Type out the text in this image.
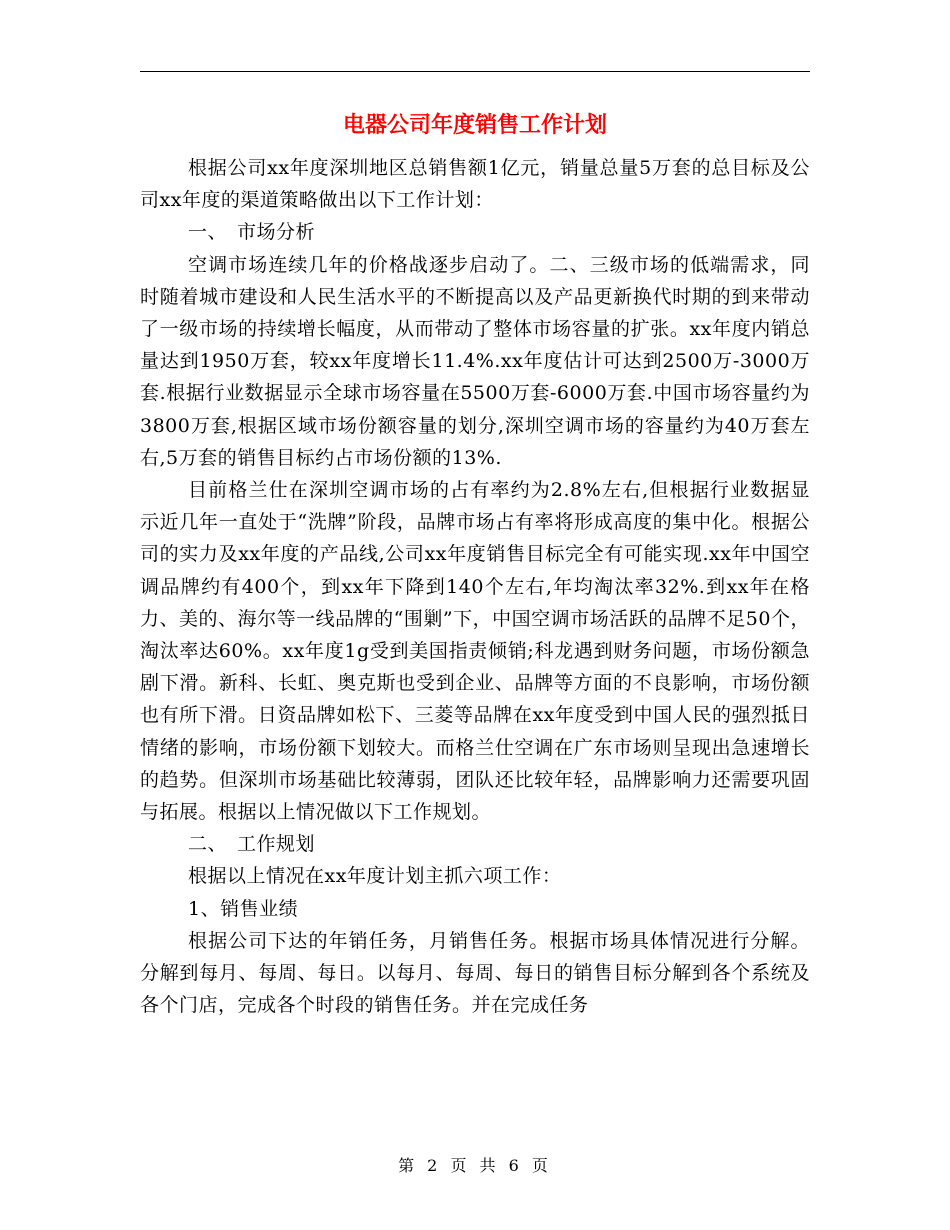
电器公司年度销售工作计划

根据公司xx年度深圳地区总销售额1亿元，销量总量5万套的总目标及公司xx年度的渠道策略做出以下工作计划：

一、　市场分析

空调市场连续几年的价格战逐步启动了。二、三级市场的低端需求，同时随着城市建设和人民生活水平的不断提高以及产品更新换代时期的到来带动了一级市场的持续增长幅度，从而带动了整体市场容量的扩张。xx年度内销总量达到1950万套，较xx年度增长11.4%.xx年度估计可达到2500万-3000万套.根据行业数据显示全球市场容量在5500万套-6000万套.中国市场容量约为3800万套,根据区域市场份额容量的划分,深圳空调市场的容量约为40万套左右,5万套的销售目标约占市场份额的13%.

目前格兰仕在深圳空调市场的占有率约为2.8%左右,但根据行业数据显示近几年一直处于“洗牌”阶段，品牌市场占有率将形成高度的集中化。根据公司的实力及xx年度的产品线,公司xx年度销售目标完全有可能实现.xx年中国空调品牌约有400个，到xx年下降到140个左右,年均淘汰率32%.到xx年在格力、美的、海尔等一线品牌的“围剿”下，中国空调市场活跃的品牌不足50个，淘汰率达60%。xx年度1g受到美国指责倾销;科龙遇到财务问题，市场份额急剧下滑。新科、长虹、奥克斯也受到企业、品牌等方面的不良影响，市场份额也有所下滑。日资品牌如松下、三菱等品牌在xx年度受到中国人民的强烈抵日情绪的影响，市场份额下划较大。而格兰仕空调在广东市场则呈现出急速增长的趋势。但深圳市场基础比较薄弱，团队还比较年轻，品牌影响力还需要巩固与拓展。根据以上情况做以下工作规划。

二、　工作规划

根据以上情况在xx年度计划主抓六项工作：

1、销售业绩

根据公司下达的年销任务，月销售任务。根据市场具体情况进行分解。分解到每月、每周、每日。以每月、每周、每日的销售目标分解到各个系统及各个门店，完成各个时段的销售任务。并在完成任务

第 2 页 共 6 页
